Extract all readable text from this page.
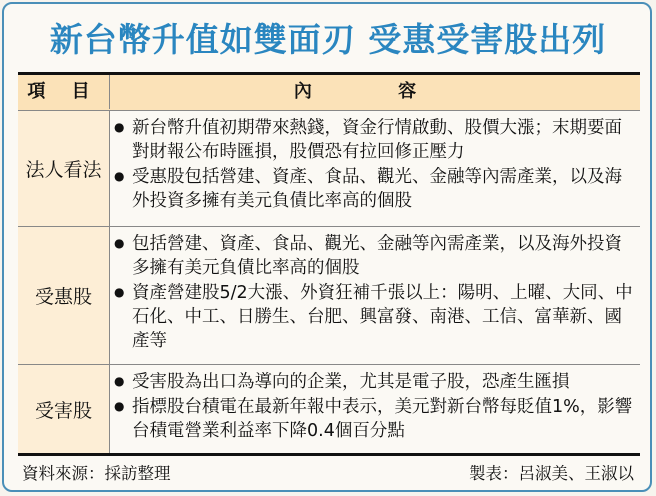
新台幣升值如雙面刃 受惠受害股出列
項 目	內 容
法人看法

● 新台幣升值初期帶來熱錢，資金行情啟動、股價大漲；末期要面對財報公布時匯損，股價恐有拉回修正壓力

● 受惠股包括營建、資產、食品、觀光、金融等內需產業，以及海外投資多擁有美元負債比率高的個股

受惠股

● 包括營建、資產、食品、觀光、金融等內需產業，以及海外投資多擁有美元負債比率高的個股

● 資產營建股5/2大漲、外資狂補千張以上：陽明、上曜、大同、中石化、中工、日勝生、台肥、興富發、南港、工信、富華新、國產等

受害股

● 受害股為出口為導向的企業，尤其是電子股，恐產生匯損

● 指標股台積電在最新年報中表示，美元對新台幣每貶值1%，影響台積電營業利益率下降0.4個百分點

資料來源：採訪整理	製表：呂淑美、王淑以
